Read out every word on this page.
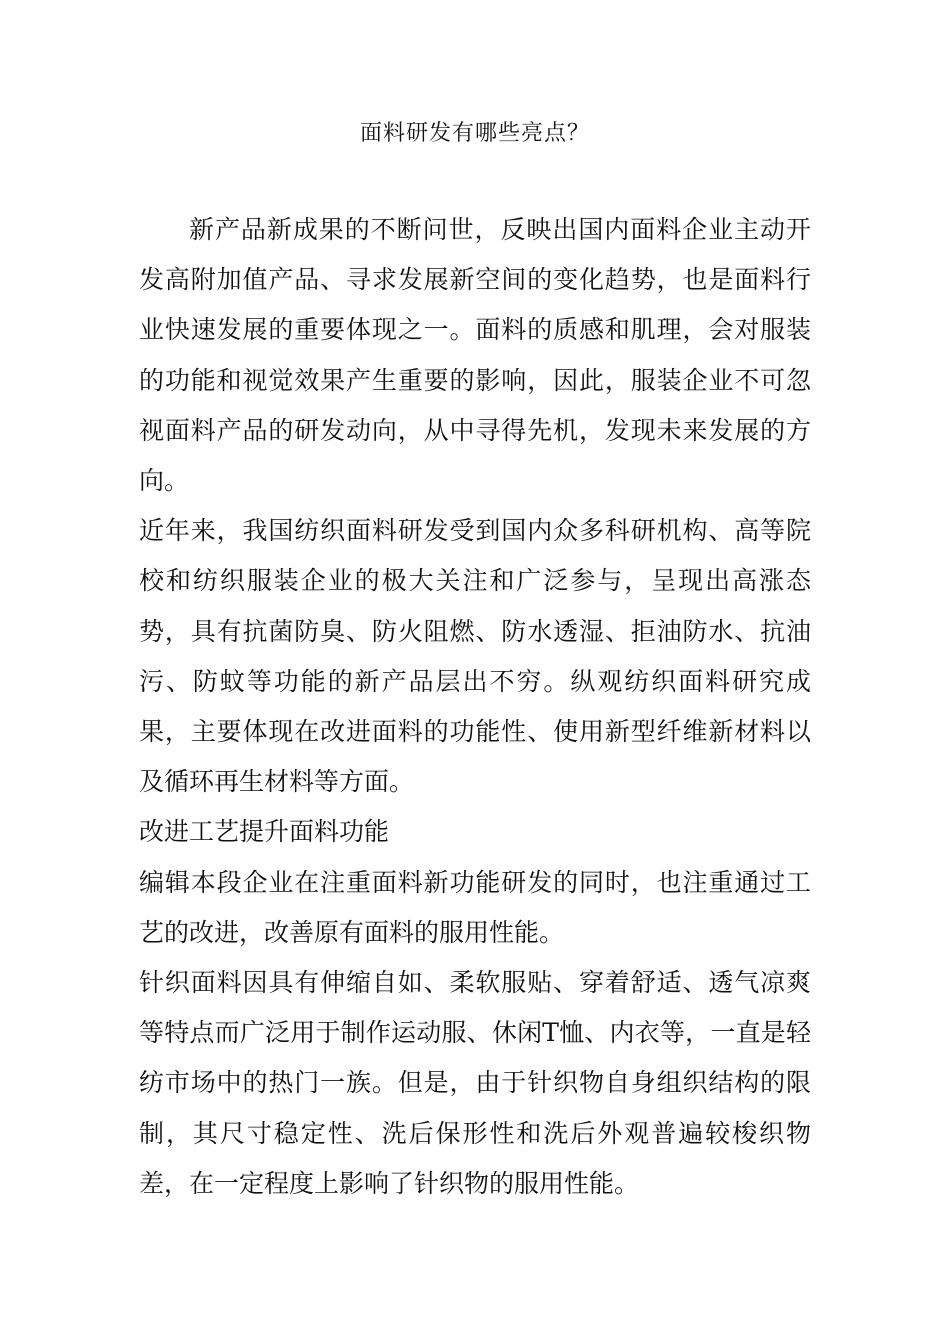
面料研发有哪些亮点？

新产品新成果的不断问世，反映出国内面料企业主动开发高附加值产品、寻求发展新空间的变化趋势，也是面料行业快速发展的重要体现之一。面料的质感和肌理，会对服装的功能和视觉效果产生重要的影响，因此，服装企业不可忽视面料产品的研发动向，从中寻得先机，发现未来发展的方向。

近年来，我国纺织面料研发受到国内众多科研机构、高等院校和纺织服装企业的极大关注和广泛参与，呈现出高涨态势，具有抗菌防臭、防火阻燃、防水透湿、拒油防水、抗油污、防蚊等功能的新产品层出不穷。纵观纺织面料研究成果，主要体现在改进面料的功能性、使用新型纤维新材料以及循环再生材料等方面。

改进工艺提升面料功能

编辑本段企业在注重面料新功能研发的同时，也注重通过工艺的改进，改善原有面料的服用性能。

针织面料因具有伸缩自如、柔软服贴、穿着舒适、透气凉爽等特点而广泛用于制作运动服、休闲T恤、内衣等，一直是轻纺市场中的热门一族。但是，由于针织物自身组织结构的限制，其尺寸稳定性、洗后保形性和洗后外观普遍较梭织物差，在一定程度上影响了针织物的服用性能。
